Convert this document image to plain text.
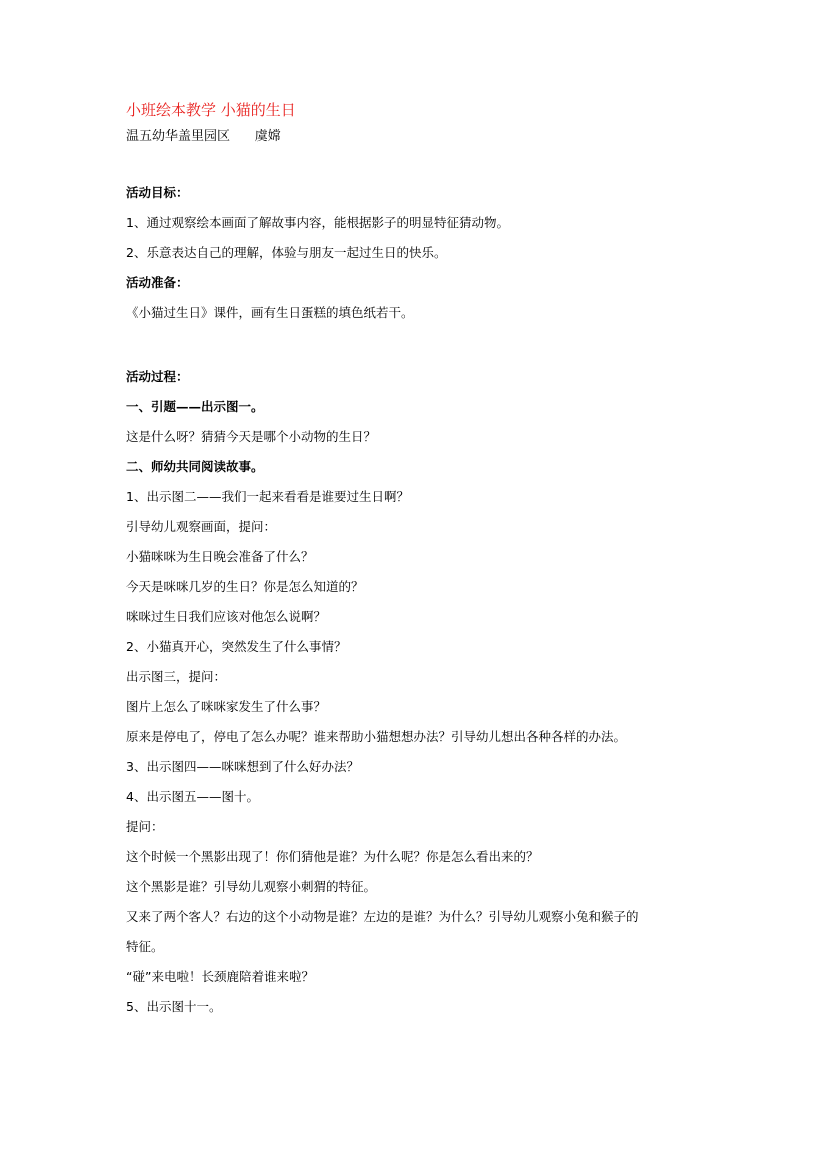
小班绘本教学 小猫的生日

温五幼华盖里园区      虞嫦

活动目标：

1、通过观察绘本画面了解故事内容，能根据影子的明显特征猜动物。

2、乐意表达自己的理解，体验与朋友一起过生日的快乐。

活动准备：

《小猫过生日》课件，画有生日蛋糕的填色纸若干。

活动过程：

一、引题——出示图一。

这是什么呀？猜猜今天是哪个小动物的生日？

二、师幼共同阅读故事。

1、出示图二——我们一起来看看是谁要过生日啊？

引导幼儿观察画面，提问：

小猫咪咪为生日晚会准备了什么？

今天是咪咪几岁的生日？你是怎么知道的？

咪咪过生日我们应该对他怎么说啊？

2、小猫真开心，突然发生了什么事情？

出示图三，提问：

图片上怎么了咪咪家发生了什么事？

原来是停电了，停电了怎么办呢？谁来帮助小猫想想办法？引导幼儿想出各种各样的办法。

3、出示图四——咪咪想到了什么好办法？

4、出示图五——图十。

提问：

这个时候一个黑影出现了！你们猜他是谁？为什么呢？你是怎么看出来的？

这个黑影是谁？引导幼儿观察小刺猬的特征。

又来了两个客人？右边的这个小动物是谁？左边的是谁？为什么？引导幼儿观察小兔和猴子的

特征。

“碰”来电啦！长颈鹿陪着谁来啦？

5、出示图十一。
